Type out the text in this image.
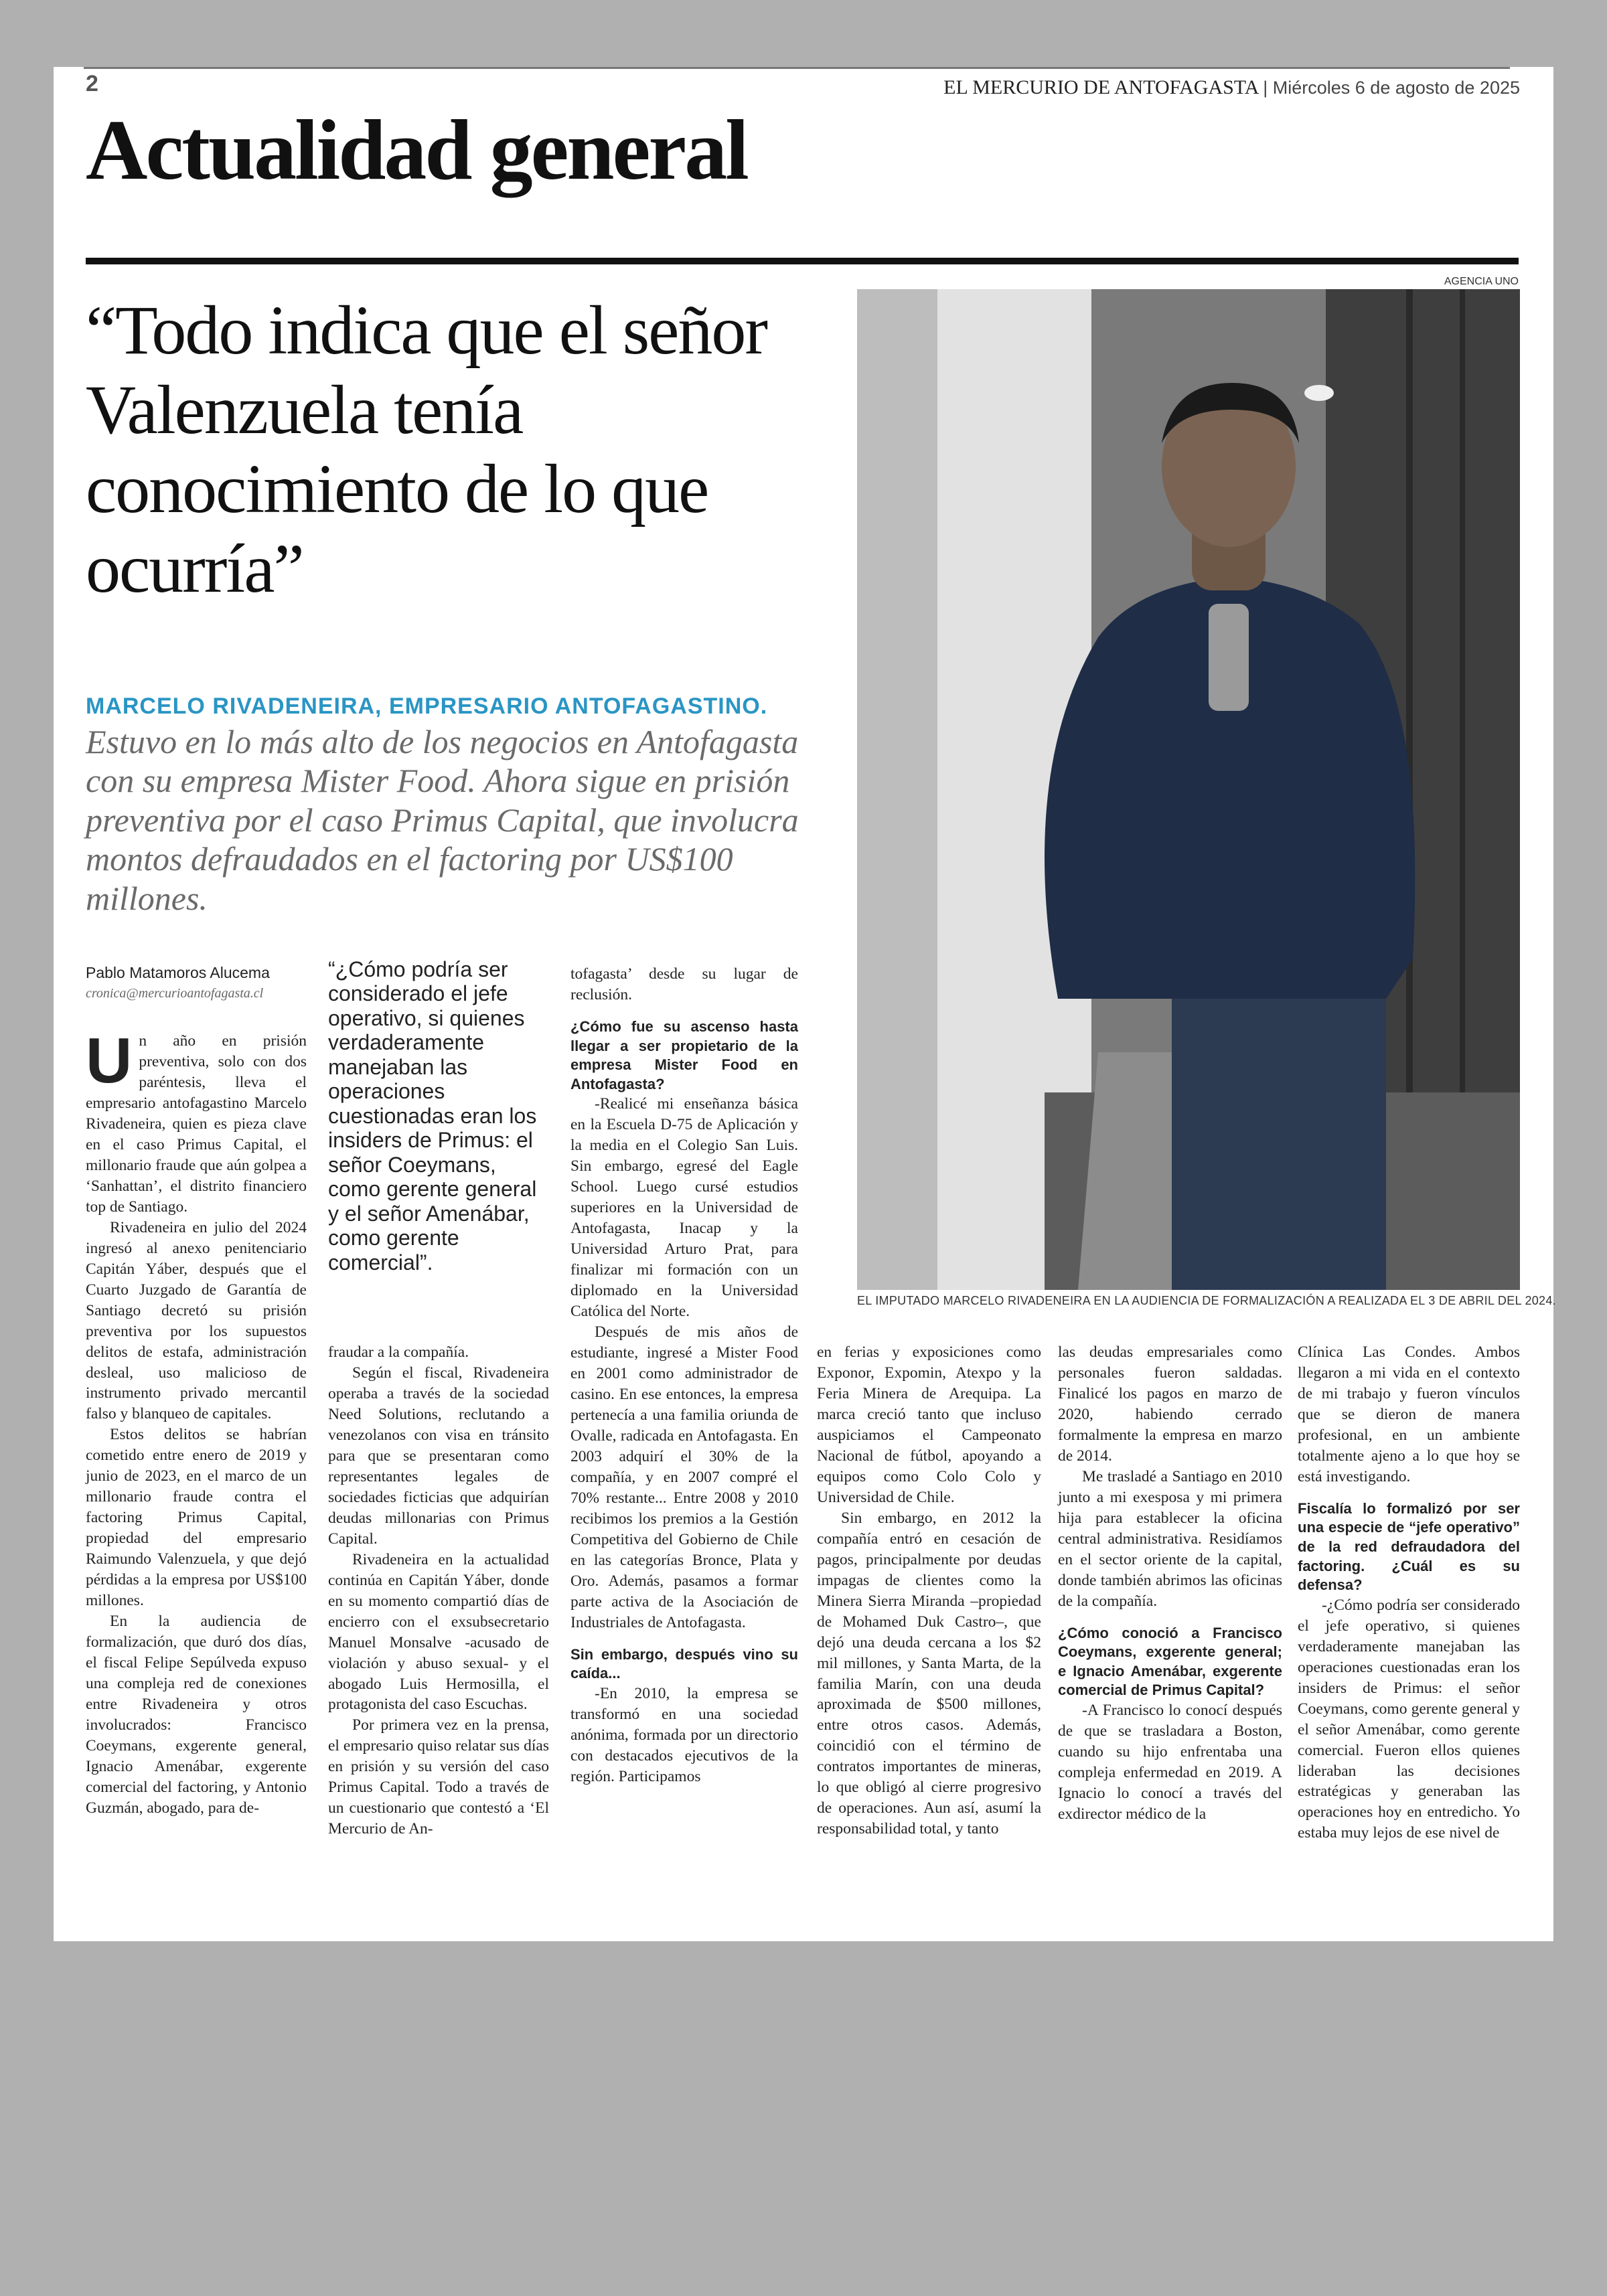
2	EL MERCURIO DE ANTOFAGASTA | Miércoles 6 de agosto de 2025
Actualidad general
AGENCIA UNO
“Todo indica que el señor Valenzuela tenía conocimiento de lo que ocurría”

MARCELO RIVADENEIRA, EMPRESARIO ANTOFAGASTINO. Estuvo en lo más alto de los negocios en Antofagasta con su empresa Mister Food. Ahora sigue en prisión preventiva por el caso Primus Capital, que involucra montos defraudados en el factoring por US$100 millones.

EL IMPUTADO MARCELO RIVADENEIRA EN LA AUDIENCIA DE FORMALIZACIÓN A REALIZADA EL 3 DE ABRIL DEL 2024.
Pablo Matamoros Alucema
cronica@mercurioantofagasta.cl

“¿Cómo podría ser considerado el jefe operativo, si quienes verdaderamente manejaban las operaciones cuestionadas eran los insiders de Primus: el señor Coeymans, como gerente general y el señor Amenábar, como gerente comercial”.

Un año en prisión preventiva, solo con dos paréntesis, lleva el empresario antofagastino Marcelo Rivadeneira, quien es pieza clave en el caso Primus Capital, el millonario fraude que aún golpea a ‘Sanhattan’, el distrito financiero top de Santiago.

Rivadeneira en julio del 2024 ingresó al anexo penitenciario Capitán Yáber, después que el Cuarto Juzgado de Garantía de Santiago decretó su prisión preventiva por los supuestos delitos de estafa, administración desleal, uso malicioso de instrumento privado mercantil falso y blanqueo de capitales.

Estos delitos se habrían cometido entre enero de 2019 y junio de 2023, en el marco de un millonario fraude contra el factoring Primus Capital, propiedad del empresario Raimundo Valenzuela, y que dejó pérdidas a la empresa por US$100 millones.

En la audiencia de formalización, que duró dos días, el fiscal Felipe Sepúlveda expuso una compleja red de conexiones entre Rivadeneira y otros involucrados: Francisco Coeymans, exgerente general, Ignacio Amenábar, exgerente comercial del factoring, y Antonio Guzmán, abogado, para de-

fraudar a la compañía.

Según el fiscal, Rivadeneira operaba a través de la sociedad Need Solutions, reclutando a venezolanos con visa en tránsito para que se presentaran como representantes legales de sociedades ficticias que adquirían deudas millonarias con Primus Capital.

Rivadeneira en la actualidad continúa en Capitán Yáber, donde en su momento compartió días de encierro con el exsubsecretario Manuel Monsalve -acusado de violación y abuso sexual- y el abogado Luis Hermosilla, el protagonista del caso Escuchas.

Por primera vez en la prensa, el empresario quiso relatar sus días en prisión y su versión del caso Primus Capital. Todo a través de un cuestionario que contestó a ‘El Mercurio de An-

tofagasta’ desde su lugar de reclusión.

¿Cómo fue su ascenso hasta llegar a ser propietario de la empresa Mister Food en Antofagasta?

-Realicé mi enseñanza básica en la Escuela D-75 de Aplicación y la media en el Colegio San Luis. Sin embargo, egresé del Eagle School. Luego cursé estudios superiores en la Universidad de Antofagasta, Inacap y la Universidad Arturo Prat, para finalizar mi formación con un diplomado en la Universidad Católica del Norte.

Después de mis años de estudiante, ingresé a Mister Food en 2001 como administrador de casino. En ese entonces, la empresa pertenecía a una familia oriunda de Ovalle, radicada en Antofagasta. En 2003 adquirí el 30% de la compañía, y en 2007 compré el 70% restante... Entre 2008 y 2010 recibimos los premios a la Gestión Competitiva del Gobierno de Chile en las categorías Bronce, Plata y Oro. Además, pasamos a formar parte activa de la Asociación de Industriales de Antofagasta.

Sin embargo, después vino su caída...

-En 2010, la empresa se transformó en una sociedad anónima, formada por un directorio con destacados ejecutivos de la región. Participamos

en ferias y exposiciones como Exponor, Expomin, Atexpo y la Feria Minera de Arequipa. La marca creció tanto que incluso auspiciamos el Campeonato Nacional de fútbol, apoyando a equipos como Colo Colo y Universidad de Chile.

Sin embargo, en 2012 la compañía entró en cesación de pagos, principalmente por deudas impagas de clientes como la Minera Sierra Miranda –propiedad de Mohamed Duk Castro–, que dejó una deuda cercana a los $2 mil millones, y Santa Marta, de la familia Marín, con una deuda aproximada de $500 millones, entre otros casos. Además, coincidió con el término de contratos importantes de mineras, lo que obligó al cierre progresivo de operaciones. Aun así, asumí la responsabilidad total, y tanto

las deudas empresariales como personales fueron saldadas. Finalicé los pagos en marzo de 2020, habiendo cerrado formalmente la empresa en marzo de 2014.

Me trasladé a Santiago en 2010 junto a mi exesposa y mi primera hija para establecer la oficina central administrativa. Residíamos en el sector oriente de la capital, donde también abrimos las oficinas de la compañía.

¿Cómo conoció a Francisco Coeymans, exgerente general; e Ignacio Amenábar, exgerente comercial de Primus Capital?

-A Francisco lo conocí después de que se trasladara a Boston, cuando su hijo enfrentaba una compleja enfermedad en 2019. A Ignacio lo conocí a través del exdirector médico de la

Clínica Las Condes. Ambos llegaron a mi vida en el contexto de mi trabajo y fueron vínculos que se dieron de manera profesional, en un ambiente totalmente ajeno a lo que hoy se está investigando.

Fiscalía lo formalizó por ser una especie de “jefe operativo” de la red defraudadora del factoring. ¿Cuál es su defensa?

-¿Cómo podría ser considerado el jefe operativo, si quienes verdaderamente manejaban las operaciones cuestionadas eran los insiders de Primus: el señor Coeymans, como gerente general y el señor Amenábar, como gerente comercial. Fueron ellos quienes lideraban las decisiones estratégicas y generaban las operaciones hoy en entredicho. Yo estaba muy lejos de ese nivel de
